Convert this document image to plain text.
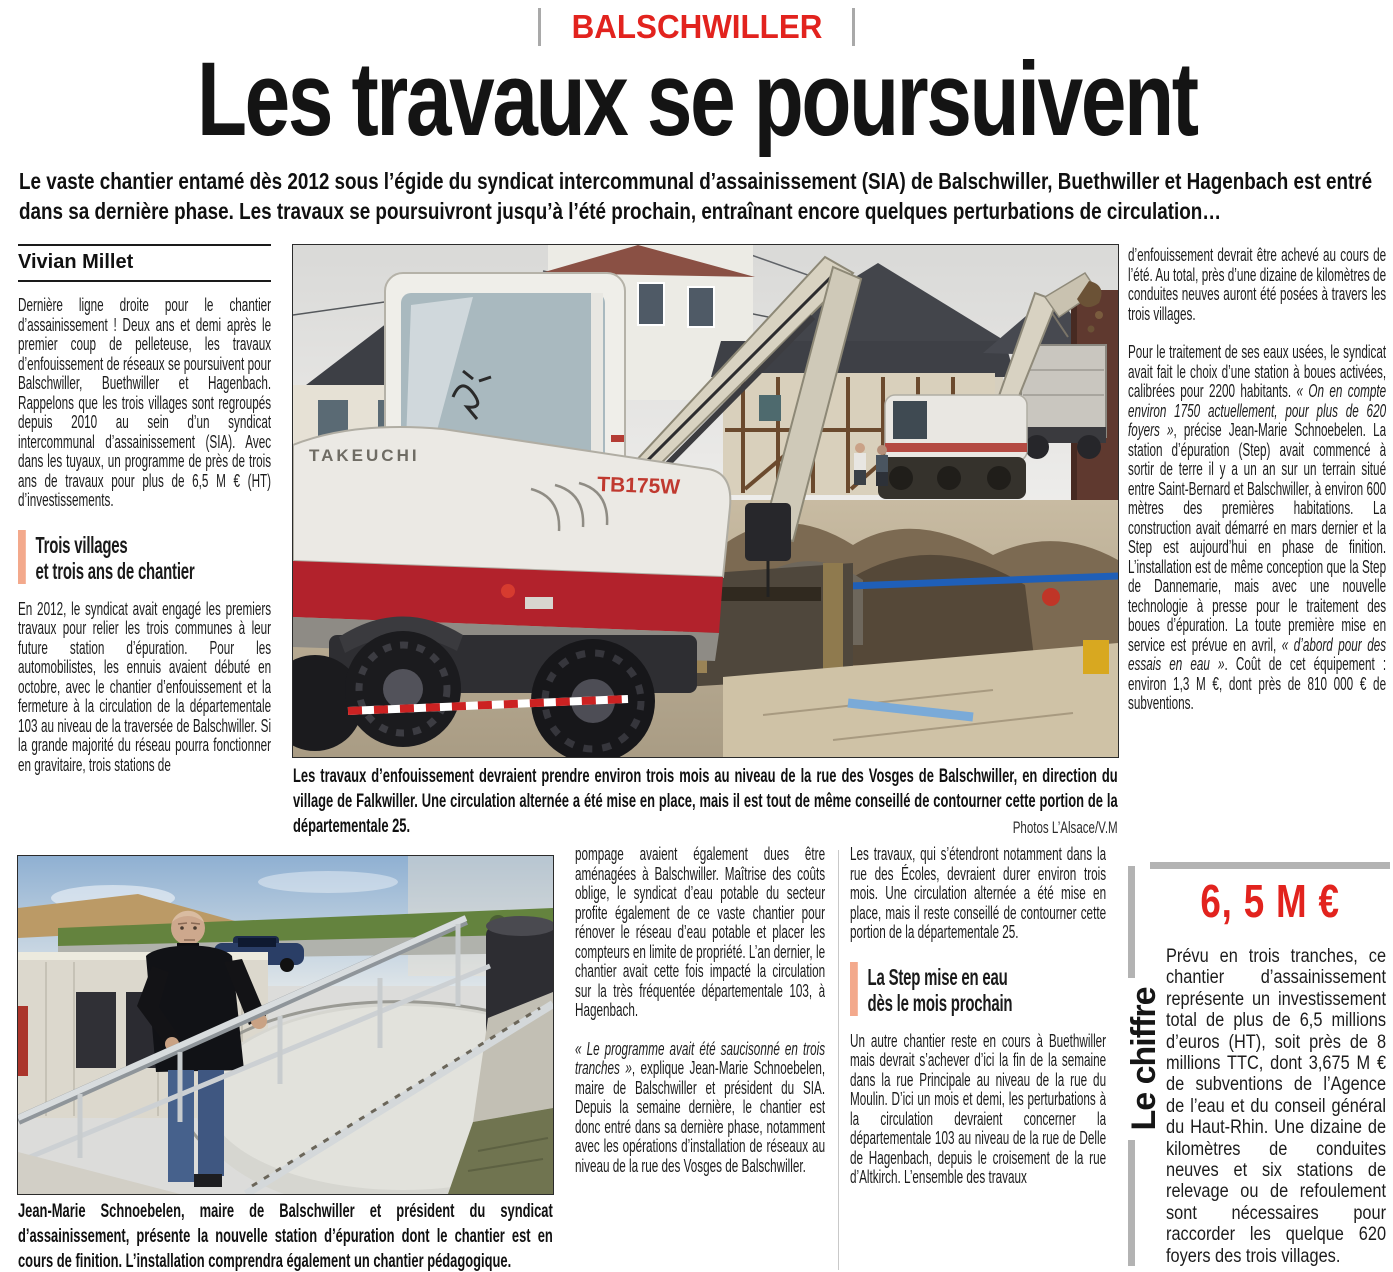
BALSCHWILLER
Les travaux se poursuivent

Le vaste chantier entamé dès 2012 sous l’égide du syndicat intercommunal d’assainissement (SIA) de Balschwiller, Buethwiller et Hagenbach est entré dans sa dernière phase. Les travaux se poursuivront jusqu’à l’été prochain, entraînant encore quelques perturbations de circulation…

Vivian Millet

Dernière ligne droite pour le chantier d’assainissement ! Deux ans et demi après le premier coup de pelleteuse, les travaux d’enfouissement de réseaux se poursuivent pour Balschwiller, Buethwiller et Hagenbach. Rappelons que les trois villages sont regroupés depuis 2010 au sein d’un syndicat intercommunal d’assainissement (SIA). Avec dans les tuyaux, un programme de près de trois ans de travaux pour plus de 6,5 M € (HT) d’investissements.

Trois villages
et trois ans de chantier

En 2012, le syndicat avait engagé les premiers travaux pour relier les trois communes à leur future station d’épuration. Pour les automobilistes, les ennuis avaient débuté en octobre, avec le chantier d’enfouissement et la fermeture à la circulation de la départementale 103 au niveau de la traversée de Balschwiller. Si la grande majorité du réseau pourra fonctionner en gravitaire, trois stations de

TAKEUCHI
TB175W

Les travaux d’enfouissement devraient prendre environ trois mois au niveau de la rue des Vosges de Balschwiller, en direction du village de Falkwiller. Une circulation alternée a été mise en place, mais il est tout de même conseillé de contourner cette portion de la départementale 25.	Photos L’Alsace/V.M

d’enfouissement devrait être achevé au cours de l’été. Au total, près d’une dizaine de kilomètres de conduites neuves auront été posées à travers les trois villages.

Pour le traitement de ses eaux usées, le syndicat avait fait le choix d’une station à boues activées, calibrées pour 2200 habitants. « On en compte environ 1750 actuellement, pour plus de 620 foyers », précise Jean-Marie Schnoebelen. La station d’épuration (Step) avait commencé à sortir de terre il y a un an sur un terrain situé entre Saint-Bernard et Balschwiller, à environ 600 mètres des premières habitations. La construction avait démarré en mars dernier et la Step est aujourd’hui en phase de finition. L’installation est de même conception que la Step de Dannemarie, mais avec une nouvelle technologie à presse pour le traitement des boues d’épuration. La toute première mise en service est prévue en avril, « d’abord pour des essais en eau ». Coût de cet équipement : environ 1,3 M €, dont près de 810 000 € de subventions.

Jean-Marie Schnoebelen, maire de Balschwiller et président du syndicat d’assainissement, présente la nouvelle station d’épuration dont le chantier est en cours de finition. L’installation comprendra également un chantier pédagogique.

pompage avaient également dues être aménagées à Balschwiller. Maîtrise des coûts oblige, le syndicat d’eau potable du secteur profite également de ce vaste chantier pour rénover le réseau d’eau potable et placer les compteurs en limite de propriété. L’an dernier, le chantier avait cette fois impacté la circulation sur la très fréquentée départementale 103, à Hagenbach.

« Le programme avait été saucisonné en trois tranches », explique Jean-Marie Schnoebelen, maire de Balschwiller et président du SIA. Depuis la semaine dernière, le chantier est donc entré dans sa dernière phase, notamment avec les opérations d’installation de réseaux au niveau de la rue des Vosges de Balschwiller.

Les travaux, qui s’étendront notamment dans la rue des Écoles, devraient durer environ trois mois. Une circulation alternée a été mise en place, mais il reste conseillé de contourner cette portion de la départementale 25.

La Step mise en eau
dès le mois prochain

Un autre chantier reste en cours à Buethwiller mais devrait s’achever d’ici la fin de la semaine dans la rue Principale au niveau de la rue du Moulin. D’ici un mois et demi, les perturbations à la circulation devraient concerner la départementale 103 au niveau de la rue de Delle de Hagenbach, depuis le croisement de la rue d’Altkirch. L’ensemble des travaux

Le chiffre
6, 5 M €

Prévu en trois tranches, ce chantier d’assainissement représente un investissement total de plus de 6,5 millions d’euros (HT), soit près de 8 millions TTC, dont 3,675 M € de subventions de l’Agence de l’eau et du conseil général du Haut-Rhin. Une dizaine de kilomètres de conduites neuves et six stations de relevage ou de refoulement sont nécessaires pour raccorder les quelque 620 foyers des trois villages.
